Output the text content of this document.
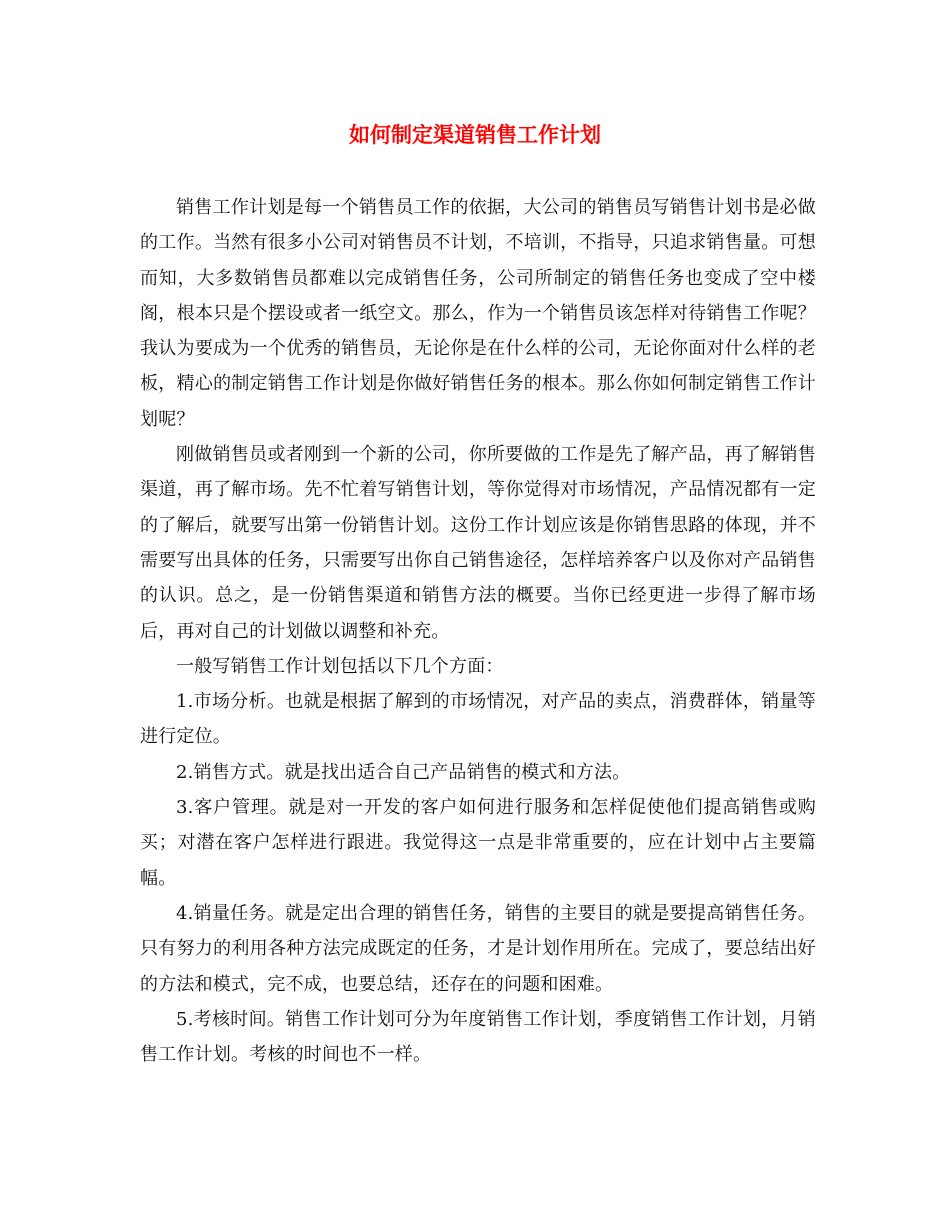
如何制定渠道销售工作计划

销售工作计划是每一个销售员工作的依据，大公司的销售员写销售计划书是必做的工作。当然有很多小公司对销售员不计划，不培训，不指导，只追求销售量。可想而知，大多数销售员都难以完成销售任务，公司所制定的销售任务也变成了空中楼阁，根本只是个摆设或者一纸空文。那么，作为一个销售员该怎样对待销售工作呢？我认为要成为一个优秀的销售员，无论你是在什么样的公司，无论你面对什么样的老板，精心的制定销售工作计划是你做好销售任务的根本。那么你如何制定销售工作计划呢？

刚做销售员或者刚到一个新的公司，你所要做的工作是先了解产品，再了解销售渠道，再了解市场。先不忙着写销售计划，等你觉得对市场情况，产品情况都有一定的了解后，就要写出第一份销售计划。这份工作计划应该是你销售思路的体现，并不需要写出具体的任务，只需要写出你自己销售途径，怎样培养客户以及你对产品销售的认识。总之，是一份销售渠道和销售方法的概要。当你已经更进一步得了解市场后，再对自己的计划做以调整和补充。

一般写销售工作计划包括以下几个方面：

1.市场分析。也就是根据了解到的市场情况，对产品的卖点，消费群体，销量等进行定位。

2.销售方式。就是找出适合自己产品销售的模式和方法。

3.客户管理。就是对一开发的客户如何进行服务和怎样促使他们提高销售或购买；对潜在客户怎样进行跟进。我觉得这一点是非常重要的，应在计划中占主要篇幅。

4.销量任务。就是定出合理的销售任务，销售的主要目的就是要提高销售任务。只有努力的利用各种方法完成既定的任务，才是计划作用所在。完成了，要总结出好的方法和模式，完不成，也要总结，还存在的问题和困难。

5.考核时间。销售工作计划可分为年度销售工作计划，季度销售工作计划，月销售工作计划。考核的时间也不一样。
